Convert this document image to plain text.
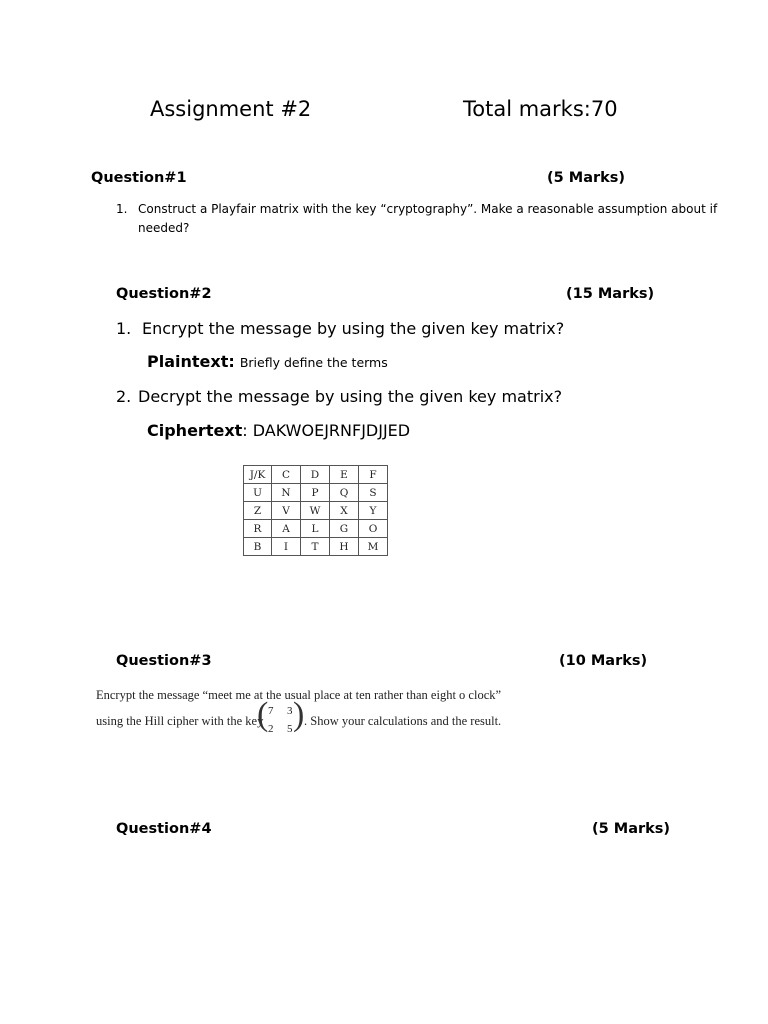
Assignment #2	Total marks:70
Question#1	(5 Marks)
1. Construct a Playfair matrix with the key “cryptography”. Make a reasonable assumption about if
needed?
Question#2	(15 Marks)
1. Encrypt the message by using the given key matrix?
Plaintext: Briefly define the terms
2. Decrypt the message by using the given key matrix?
Ciphertext: DAKWOEJRNFJDJJED
J/K	C	D	E	F
U	N	P	Q	S
Z	V	W	X	Y
R	A	L	G	O
B	I	T	H	M
Question#3	(10 Marks)
Encrypt the message “meet me at the usual place at ten rather than eight o clock”
using the Hill cipher with the key
( 7 3
2 5 ) . Show your calculations and the result.
Question#4	(5 Marks)
